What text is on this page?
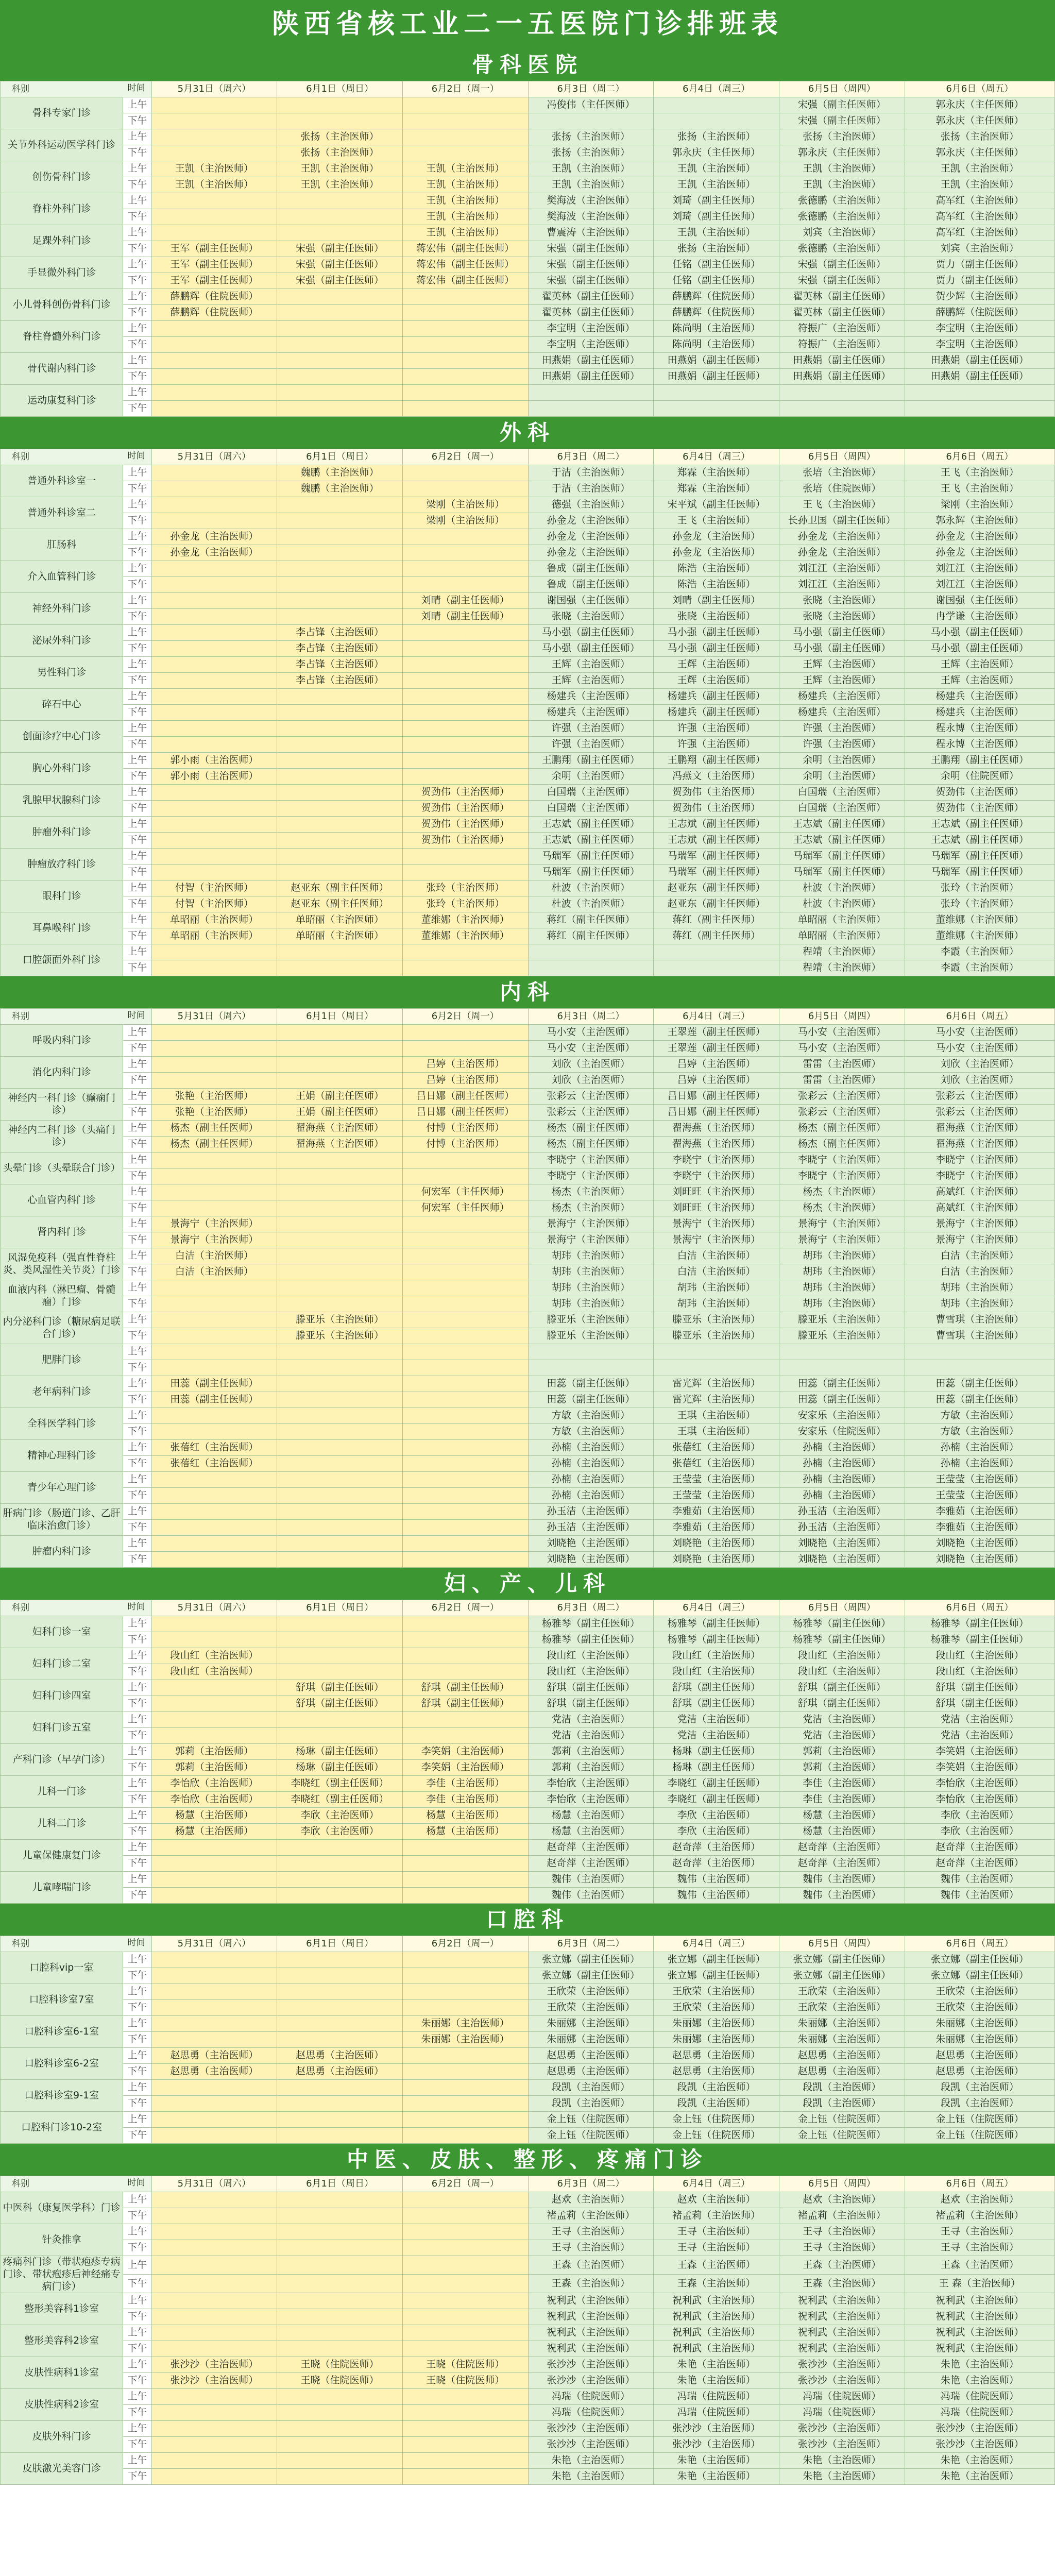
陕西省核工业二一五医院门诊排班表
骨科医院
时间
科别		5月31日（周六）	6月1日（周日）	6月2日（周一）	6月3日（周二）	6月4日（周三）	6月5日（周四）	6月6日（周五）
骨科专家门诊	上午				冯俊伟（主任医师）		宋强（副主任医师）	郭永庆（主任医师）
	下午						宋强（副主任医师）	郭永庆（主任医师）
关节外科运动医学科门诊	上午		张扬（主治医师）		张扬（主治医师）	张扬（主治医师）	张扬（主治医师）	张扬（主治医师）
	下午		张扬（主治医师）		张扬（主治医师）	郭永庆（主任医师）	郭永庆（主任医师）	郭永庆（主任医师）
创伤骨科门诊	上午	王凯（主治医师）	王凯（主治医师）	王凯（主治医师）	王凯（主治医师）	王凯（主治医师）	王凯（主治医师）	王凯（主治医师）
	下午	王凯（主治医师）	王凯（主治医师）	王凯（主治医师）	王凯（主治医师）	王凯（主治医师）	王凯（主治医师）	王凯（主治医师）
脊柱外科门诊	上午			王凯（主治医师）	樊海波（主治医师）	刘琦（副主任医师）	张德鹏（主治医师）	高军红（主治医师）
	下午			王凯（主治医师）	樊海波（主治医师）	刘琦（副主任医师）	张德鹏（主治医师）	高军红（主治医师）
足踝外科门诊	上午			王凯（主治医师）	曹震涛（主治医师）	王凯（主治医师）	刘宾（主治医师）	高军红（主治医师）
	下午	王军（副主任医师）	宋强（副主任医师）	蒋宏伟（副主任医师）	宋强（副主任医师）	张扬（主治医师）	张德鹏（主治医师）	刘宾（主治医师）
手显微外科门诊	上午	王军（副主任医师）	宋强（副主任医师）	蒋宏伟（副主任医师）	宋强（副主任医师）	任铭（副主任医师）	宋强（副主任医师）	贾力（副主任医师）
	下午	王军（副主任医师）	宋强（副主任医师）	蒋宏伟（副主任医师）	宋强（副主任医师）	任铭（副主任医师）	宋强（副主任医师）	贾力（副主任医师）
小儿骨科创伤骨科门诊	上午	薛鹏辉（住院医师）			翟英林（副主任医师）	薛鹏辉（住院医师）	翟英林（副主任医师）	贺少辉（主治医师）
	下午	薛鹏辉（住院医师）			翟英林（副主任医师）	薛鹏辉（住院医师）	翟英林（副主任医师）	薛鹏辉（住院医师）
脊柱脊髓外科门诊	上午				李宝明（主治医师）	陈尚明（主治医师）	符振广（主治医师）	李宝明（主治医师）
	下午				李宝明（主治医师）	陈尚明（主治医师）	符振广（主治医师）	李宝明（主治医师）
骨代谢内科门诊	上午				田燕娟（副主任医师）	田燕娟（副主任医师）	田燕娟（副主任医师）	田燕娟（副主任医师）
	下午				田燕娟（副主任医师）	田燕娟（副主任医师）	田燕娟（副主任医师）	田燕娟（副主任医师）
运动康复科门诊	上午							
	下午							
外科
时间
科别		5月31日（周六）	6月1日（周日）	6月2日（周一）	6月3日（周二）	6月4日（周三）	6月5日（周四）	6月6日（周五）
普通外科诊室一	上午		魏鹏（主治医师）		于洁（主治医师）	郑霖（主治医师）	张培（主治医师）	王飞（主治医师）
	下午		魏鹏（主治医师）		于洁（主治医师）	郑霖（主治医师）	张培（住院医师）	王飞（主治医师）
普通外科诊室二	上午			梁刚（主治医师）	德强（主治医师）	宋平斌（副主任医师）	王飞（主治医师）	梁刚（主治医师）
	下午			梁刚（主治医师）	孙金龙（主治医师）	王飞（主治医师）	长孙卫国（副主任医师）	郭永辉（主治医师）
肛肠科	上午	孙金龙（主治医师）			孙金龙（主治医师）	孙金龙（主治医师）	孙金龙（主治医师）	孙金龙（主治医师）
	下午	孙金龙（主治医师）			孙金龙（主治医师）	孙金龙（主治医师）	孙金龙（主治医师）	孙金龙（主治医师）
介入血管科门诊	上午				鲁成（副主任医师）	陈浩（主治医师）	刘江江（主治医师）	刘江江（主治医师）
	下午				鲁成（副主任医师）	陈浩（主治医师）	刘江江（主治医师）	刘江江（主治医师）
神经外科门诊	上午			刘晴（副主任医师）	谢国强（主任医师）	刘晴（副主任医师）	张晓（主治医师）	谢国强（主任医师）
	下午			刘晴（副主任医师）	张晓（主治医师）	张晓（主治医师）	张晓（主治医师）	冉学谦（主治医师）
泌尿外科门诊	上午		李占锋（主治医师）		马小强（副主任医师）	马小强（副主任医师）	马小强（副主任医师）	马小强（副主任医师）
	下午		李占锋（主治医师）		马小强（副主任医师）	马小强（副主任医师）	马小强（副主任医师）	马小强（副主任医师）
男性科门诊	上午		李占锋（主治医师）		王辉（主治医师）	王辉（主治医师）	王辉（主治医师）	王辉（主治医师）
	下午		李占锋（主治医师）		王辉（主治医师）	王辉（主治医师）	王辉（主治医师）	王辉（主治医师）
碎石中心	上午				杨建兵（主治医师）	杨建兵（副主任医师）	杨建兵（主治医师）	杨建兵（主治医师）
	下午				杨建兵（主治医师）	杨建兵（副主任医师）	杨建兵（主治医师）	杨建兵（主治医师）
创面诊疗中心门诊	上午				许强（主治医师）	许强（主治医师）	许强（主治医师）	程永博（主治医师）
	下午				许强（主治医师）	许强（主治医师）	许强（主治医师）	程永博（主治医师）
胸心外科门诊	上午	郭小雨（主治医师）			王鹏翔（副主任医师）	王鹏翔（副主任医师）	余明（主治医师）	王鹏翔（副主任医师）
	下午	郭小雨（主治医师）			余明（主治医师）	冯燕文（主治医师）	余明（主治医师）	余明（住院医师）
乳腺甲状腺科门诊	上午			贺劲伟（主治医师）	白国瑞（主治医师）	贺劲伟（主治医师）	白国瑞（主治医师）	贺劲伟（主治医师）
	下午			贺劲伟（主治医师）	白国瑞（主治医师）	贺劲伟（主治医师）	白国瑞（主治医师）	贺劲伟（主治医师）
肿瘤外科门诊	上午			贺劲伟（主治医师）	王志斌（副主任医师）	王志斌（副主任医师）	王志斌（副主任医师）	王志斌（副主任医师）
	下午			贺劲伟（主治医师）	王志斌（副主任医师）	王志斌（副主任医师）	王志斌（副主任医师）	王志斌（副主任医师）
肿瘤放疗科门诊	上午				马瑞军（副主任医师）	马瑞军（副主任医师）	马瑞军（副主任医师）	马瑞军（副主任医师）
	下午				马瑞军（副主任医师）	马瑞军（副主任医师）	马瑞军（副主任医师）	马瑞军（副主任医师）
眼科门诊	上午	付智（主治医师）	赵亚东（副主任医师）	张玲（主治医师）	杜波（主治医师）	赵亚东（副主任医师）	杜波（主治医师）	张玲（主治医师）
	下午	付智（主治医师）	赵亚东（副主任医师）	张玲（主治医师）	杜波（主治医师）	赵亚东（副主任医师）	杜波（主治医师）	张玲（主治医师）
耳鼻喉科门诊	上午	单昭丽（主治医师）	单昭丽（主治医师）	董维娜（主治医师）	蒋红（副主任医师）	蒋红（副主任医师）	单昭丽（主治医师）	董维娜（主治医师）
	下午	单昭丽（主治医师）	单昭丽（主治医师）	董维娜（主治医师）	蒋红（副主任医师）	蒋红（副主任医师）	单昭丽（主治医师）	董维娜（主治医师）
口腔颌面外科门诊	上午						程靖（主治医师）	李霞（主治医师）
	下午						程靖（主治医师）	李霞（主治医师）
内科
时间
科别		5月31日（周六）	6月1日（周日）	6月2日（周一）	6月3日（周二）	6月4日（周三）	6月5日（周四）	6月6日（周五）
呼吸内科门诊	上午				马小安（主治医师）	王翠莲（副主任医师）	马小安（主治医师）	马小安（主治医师）
	下午				马小安（主治医师）	王翠莲（副主任医师）	马小安（主治医师）	马小安（主治医师）
消化内科门诊	上午			吕婷（主治医师）	刘欣（主治医师）	吕婷（主治医师）	雷雷（主治医师）	刘欣（主治医师）
	下午			吕婷（主治医师）	刘欣（主治医师）	吕婷（主治医师）	雷雷（主治医师）	刘欣（主治医师）
神经内一科门诊（癫痫门诊）	上午	张艳（主治医师）	王娟（副主任医师）	吕日娜（副主任医师）	张彩云（主治医师）	吕日娜（副主任医师）	张彩云（主治医师）	张彩云（主治医师）
	下午	张艳（主治医师）	王娟（副主任医师）	吕日娜（副主任医师）	张彩云（主治医师）	吕日娜（副主任医师）	张彩云（主治医师）	张彩云（主治医师）
神经内二科门诊（头痛门诊）	上午	杨杰（副主任医师）	翟海燕（主治医师）	付博（主治医师）	杨杰（副主任医师）	翟海燕（主治医师）	杨杰（副主任医师）	翟海燕（主治医师）
	下午	杨杰（副主任医师）	翟海燕（主治医师）	付博（主治医师）	杨杰（副主任医师）	翟海燕（主治医师）	杨杰（副主任医师）	翟海燕（主治医师）
头晕门诊（头晕联合门诊）	上午				李晓宁（主治医师）	李晓宁（主治医师）	李晓宁（主治医师）	李晓宁（主治医师）
	下午				李晓宁（主治医师）	李晓宁（主治医师）	李晓宁（主治医师）	李晓宁（主治医师）
心血管内科门诊	上午			何宏军（主任医师）	杨杰（主治医师）	刘旺旺（主治医师）	杨杰（主治医师）	高斌红（主治医师）
	下午			何宏军（主任医师）	杨杰（主治医师）	刘旺旺（主治医师）	杨杰（主治医师）	高斌红（主治医师）
肾内科门诊	上午	景海宁（主治医师）			景海宁（主治医师）	景海宁（主治医师）	景海宁（主治医师）	景海宁（主治医师）
	下午	景海宁（主治医师）			景海宁（主治医师）	景海宁（主治医师）	景海宁（主治医师）	景海宁（主治医师）
风湿免疫科（强直性脊柱炎、类风湿性关节炎）门诊	上午	白洁（主治医师）			胡玮（主治医师）	白洁（主治医师）	胡玮（主治医师）	白洁（主治医师）
	下午	白洁（主治医师）			胡玮（主治医师）	白洁（主治医师）	胡玮（主治医师）	白洁（主治医师）
血液内科（淋巴瘤、骨髓瘤）门诊	上午				胡玮（主治医师）	胡玮（主治医师）	胡玮（主治医师）	胡玮（主治医师）
	下午				胡玮（主治医师）	胡玮（主治医师）	胡玮（主治医师）	胡玮（主治医师）
内分泌科门诊（糖尿病足联合门诊）	上午		滕亚乐（主治医师）		滕亚乐（主治医师）	滕亚乐（主治医师）	滕亚乐（主治医师）	曹雪琪（主治医师）
	下午		滕亚乐（主治医师）		滕亚乐（主治医师）	滕亚乐（主治医师）	滕亚乐（主治医师）	曹雪琪（主治医师）
肥胖门诊	上午							
	下午							
老年病科门诊	上午	田蕊（副主任医师）			田蕊（副主任医师）	雷光辉（主治医师）	田蕊（副主任医师）	田蕊（副主任医师）
	下午	田蕊（副主任医师）			田蕊（副主任医师）	雷光辉（主治医师）	田蕊（副主任医师）	田蕊（副主任医师）
全科医学科门诊	上午				方敏（主治医师）	王琪（主治医师）	安家乐（主治医师）	方敏（主治医师）
	下午				方敏（主治医师）	王琪（主治医师）	安家乐（住院医师）	方敏（主治医师）
精神心理科门诊	上午	张蓓红（主治医师）			孙楠（主治医师）	张蓓红（主治医师）	孙楠（主治医师）	孙楠（主治医师）
	下午	张蓓红（主治医师）			孙楠（主治医师）	张蓓红（主治医师）	孙楠（主治医师）	孙楠（主治医师）
青少年心理门诊	上午				孙楠（主治医师）	王莹莹（主治医师）	孙楠（主治医师）	王莹莹（主治医师）
	下午				孙楠（主治医师）	王莹莹（主治医师）	孙楠（主治医师）	王莹莹（主治医师）
肝病门诊（肠道门诊、乙肝临床治愈门诊）	上午				孙玉洁（主治医师）	李雅茹（主治医师）	孙玉洁（主治医师）	李雅茹（主治医师）
	下午				孙玉洁（主治医师）	李雅茹（主治医师）	孙玉洁（主治医师）	李雅茹（主治医师）
肿瘤内科门诊	上午				刘晓艳（主治医师）	刘晓艳（主治医师）	刘晓艳（主治医师）	刘晓艳（主治医师）
	下午				刘晓艳（主治医师）	刘晓艳（主治医师）	刘晓艳（主治医师）	刘晓艳（主治医师）
妇、产、儿科
时间
科别		5月31日（周六）	6月1日（周日）	6月2日（周一）	6月3日（周二）	6月4日（周三）	6月5日（周四）	6月6日（周五）
妇科门诊一室	上午				杨雅琴（副主任医师）	杨雅琴（副主任医师）	杨雅琴（副主任医师）	杨雅琴（副主任医师）
	下午				杨雅琴（副主任医师）	杨雅琴（副主任医师）	杨雅琴（副主任医师）	杨雅琴（副主任医师）
妇科门诊二室	上午	段山红（主治医师）			段山红（主治医师）	段山红（主治医师）	段山红（主治医师）	段山红（主治医师）
	下午	段山红（主治医师）			段山红（主治医师）	段山红（主治医师）	段山红（主治医师）	段山红（主治医师）
妇科门诊四室	上午		舒琪（副主任医师）	舒琪（副主任医师）	舒琪（副主任医师）	舒琪（副主任医师）	舒琪（副主任医师）	舒琪（副主任医师）
	下午		舒琪（副主任医师）	舒琪（副主任医师）	舒琪（副主任医师）	舒琪（副主任医师）	舒琪（副主任医师）	舒琪（副主任医师）
妇科门诊五室	上午				党洁（主治医师）	党洁（主治医师）	党洁（主治医师）	党洁（主治医师）
	下午				党洁（主治医师）	党洁（主治医师）	党洁（主治医师）	党洁（主治医师）
产科门诊（早孕门诊）	上午	郭莉（主治医师）	杨琳（副主任医师）	李笑娟（主治医师）	郭莉（主治医师）	杨琳（副主任医师）	郭莉（主治医师）	李笑娟（主治医师）
	下午	郭莉（主治医师）	杨琳（副主任医师）	李笑娟（主治医师）	郭莉（主治医师）	杨琳（副主任医师）	郭莉（主治医师）	李笑娟（主治医师）
儿科一门诊	上午	李怡欣（主治医师）	李晓红（副主任医师）	李佳（主治医师）	李怡欣（主治医师）	李晓红（副主任医师）	李佳（主治医师）	李怡欣（主治医师）
	下午	李怡欣（主治医师）	李晓红（副主任医师）	李佳（主治医师）	李怡欣（主治医师）	李晓红（副主任医师）	李佳（主治医师）	李怡欣（主治医师）
儿科二门诊	上午	杨慧（主治医师）	李欣（主治医师）	杨慧（主治医师）	杨慧（主治医师）	李欣（主治医师）	杨慧（主治医师）	李欣（主治医师）
	下午	杨慧（主治医师）	李欣（主治医师）	杨慧（主治医师）	杨慧（主治医师）	李欣（主治医师）	杨慧（主治医师）	李欣（主治医师）
儿童保健康复门诊	上午				赵奇萍（主治医师）	赵奇萍（主治医师）	赵奇萍（主治医师）	赵奇萍（主治医师）
	下午				赵奇萍（主治医师）	赵奇萍（主治医师）	赵奇萍（主治医师）	赵奇萍（主治医师）
儿童哮喘门诊	上午				魏伟（主治医师）	魏伟（主治医师）	魏伟（主治医师）	魏伟（主治医师）
	下午				魏伟（主治医师）	魏伟（主治医师）	魏伟（主治医师）	魏伟（主治医师）
口腔科
时间
科别		5月31日（周六）	6月1日（周日）	6月2日（周一）	6月3日（周二）	6月4日（周三）	6月5日（周四）	6月6日（周五）
口腔科vip一室	上午				张立娜（副主任医师）	张立娜（副主任医师）	张立娜（副主任医师）	张立娜（副主任医师）
	下午				张立娜（副主任医师）	张立娜（副主任医师）	张立娜（副主任医师）	张立娜（副主任医师）
口腔科诊室7室	上午				王欣荣（主治医师）	王欣荣（主治医师）	王欣荣（主治医师）	王欣荣（主治医师）
	下午				王欣荣（主治医师）	王欣荣（主治医师）	王欣荣（主治医师）	王欣荣（主治医师）
口腔科诊室6-1室	上午			朱丽娜（主治医师）	朱丽娜（主治医师）	朱丽娜（主治医师）	朱丽娜（主治医师）	朱丽娜（主治医师）
	下午			朱丽娜（主治医师）	朱丽娜（主治医师）	朱丽娜（主治医师）	朱丽娜（主治医师）	朱丽娜（主治医师）
口腔科诊室6-2室	上午	赵思勇（主治医师）	赵思勇（主治医师）		赵思勇（主治医师）	赵思勇（主治医师）	赵思勇（主治医师）	赵思勇（主治医师）
	下午	赵思勇（主治医师）	赵思勇（主治医师）		赵思勇（主治医师）	赵思勇（主治医师）	赵思勇（主治医师）	赵思勇（主治医师）
口腔科诊室9-1室	上午				段凯（主治医师）	段凯（主治医师）	段凯（主治医师）	段凯（主治医师）
	下午				段凯（主治医师）	段凯（主治医师）	段凯（主治医师）	段凯（主治医师）
口腔科门诊10-2室	上午				金上钰（住院医师）	金上钰（住院医师）	金上钰（住院医师）	金上钰（住院医师）
	下午				金上钰（住院医师）	金上钰（住院医师）	金上钰（住院医师）	金上钰（住院医师）
中医、皮肤、整形、疼痛门诊
时间
科别		5月31日（周六）	6月1日（周日）	6月2日（周一）	6月3日（周二）	6月4日（周三）	6月5日（周四）	6月6日（周五）
中医科（康复医学科）门诊	上午				赵欢（主治医师）	赵欢（主治医师）	赵欢（主治医师）	赵欢（主治医师）
	下午				褚孟莉（主治医师）	褚孟莉（主治医师）	褚孟莉（主治医师）	褚孟莉（主治医师）
针灸推拿	上午				王寻（主治医师）	王寻（主治医师）	王寻（主治医师）	王寻（主治医师）
	下午				王寻（主治医师）	王寻（主治医师）	王寻（主治医师）	王寻（主治医师）
疼痛科门诊（带状疱疹专病门诊、带状疱疹后神经痛专病门诊）	上午				王森（主治医师）	王森（主治医师）	王森（主治医师）	王森（主治医师）
	下午				王森（主治医师）	王森（主治医师）	王森（主治医师）	王 森（主治医师）
整形美容科1诊室	上午				祝利武（主治医师）	祝利武（主治医师）	祝利武（主治医师）	祝利武（主治医师）
	下午				祝利武（主治医师）	祝利武（主治医师）	祝利武（主治医师）	祝利武（主治医师）
整形美容科2诊室	上午				祝利武（主治医师）	祝利武（主治医师）	祝利武（主治医师）	祝利武（主治医师）
	下午				祝利武（主治医师）	祝利武（主治医师）	祝利武（主治医师）	祝利武（主治医师）
皮肤性病科1诊室	上午	张沙沙（主治医师）	王晓（住院医师）	王晓（住院医师）	张沙沙（主治医师）	朱艳（主治医师）	张沙沙（主治医师）	朱艳（主治医师）
	下午	张沙沙（主治医师）	王晓（住院医师）	王晓（住院医师）	张沙沙（主治医师）	朱艳（主治医师）	张沙沙（主治医师）	朱艳（主治医师）
皮肤性病科2诊室	上午				冯瑞（住院医师）	冯瑞（住院医师）	冯瑞（住院医师）	冯瑞（住院医师）
	下午				冯瑞（住院医师）	冯瑞（住院医师）	冯瑞（住院医师）	冯瑞（住院医师）
皮肤外科门诊	上午				张沙沙（主治医师）	张沙沙（主治医师）	张沙沙（主治医师）	张沙沙（主治医师）
	下午				张沙沙（主治医师）	张沙沙（主治医师）	张沙沙（主治医师）	张沙沙（主治医师）
皮肤激光美容门诊	上午				朱艳（主治医师）	朱艳（主治医师）	朱艳（主治医师）	朱艳（主治医师）
	下午				朱艳（主治医师）	朱艳（主治医师）	朱艳（主治医师）	朱艳（主治医师）
